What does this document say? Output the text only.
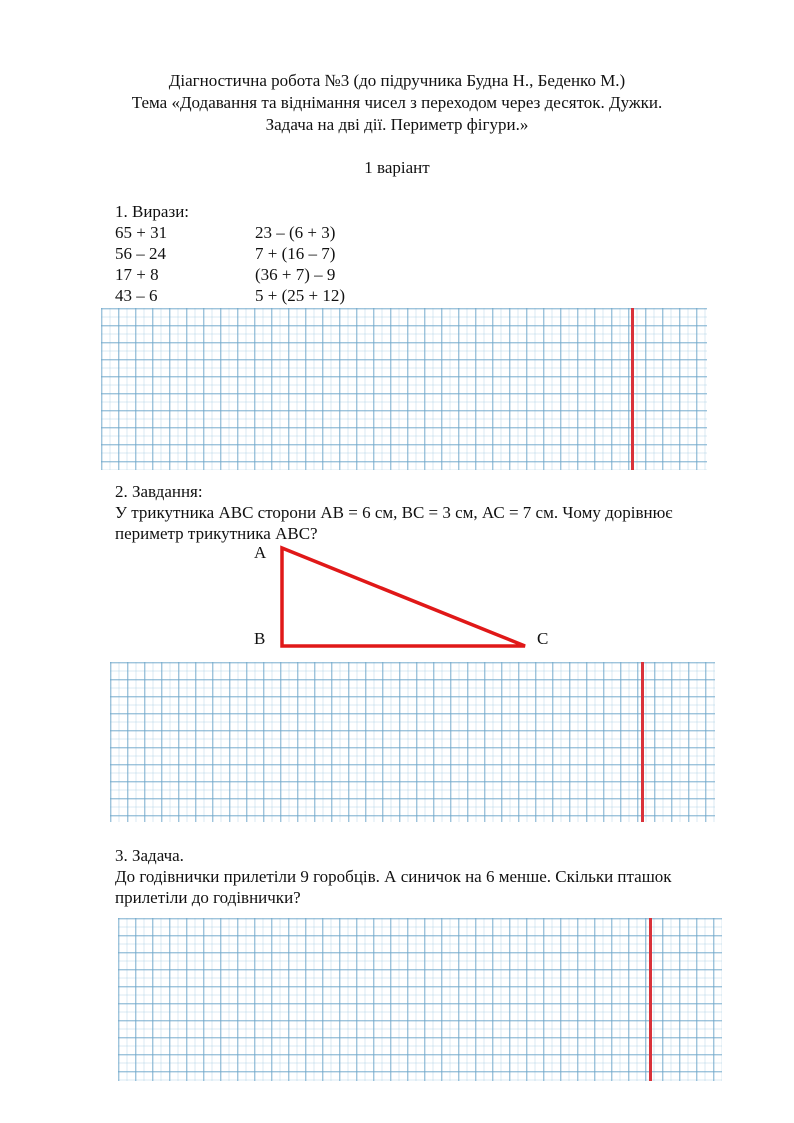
Діагностична робота №3 (до підручника Будна Н., Беденко М.)
Тема «Додавання та віднімання чисел з переходом через десяток. Дужки.
Задача на дві дії. Периметр фігури.»
1 варіант
1. Вирази:
65 + 31
56 – 24
17 + 8
43 – 6
23 – (6 + 3)
7 + (16 – 7)
(36 + 7) – 9
5 + (25 + 12)
2. Завдання:
У трикутника АВС сторони АВ = 6 см, ВС = 3 см, АС = 7 см. Чому дорівнює
периметр трикутника АВС?
А
В	С
3. Задача.
До годівнички прилетіли 9 горобців. А синичок на 6 менше. Скільки пташок
прилетіли до годівнички?
